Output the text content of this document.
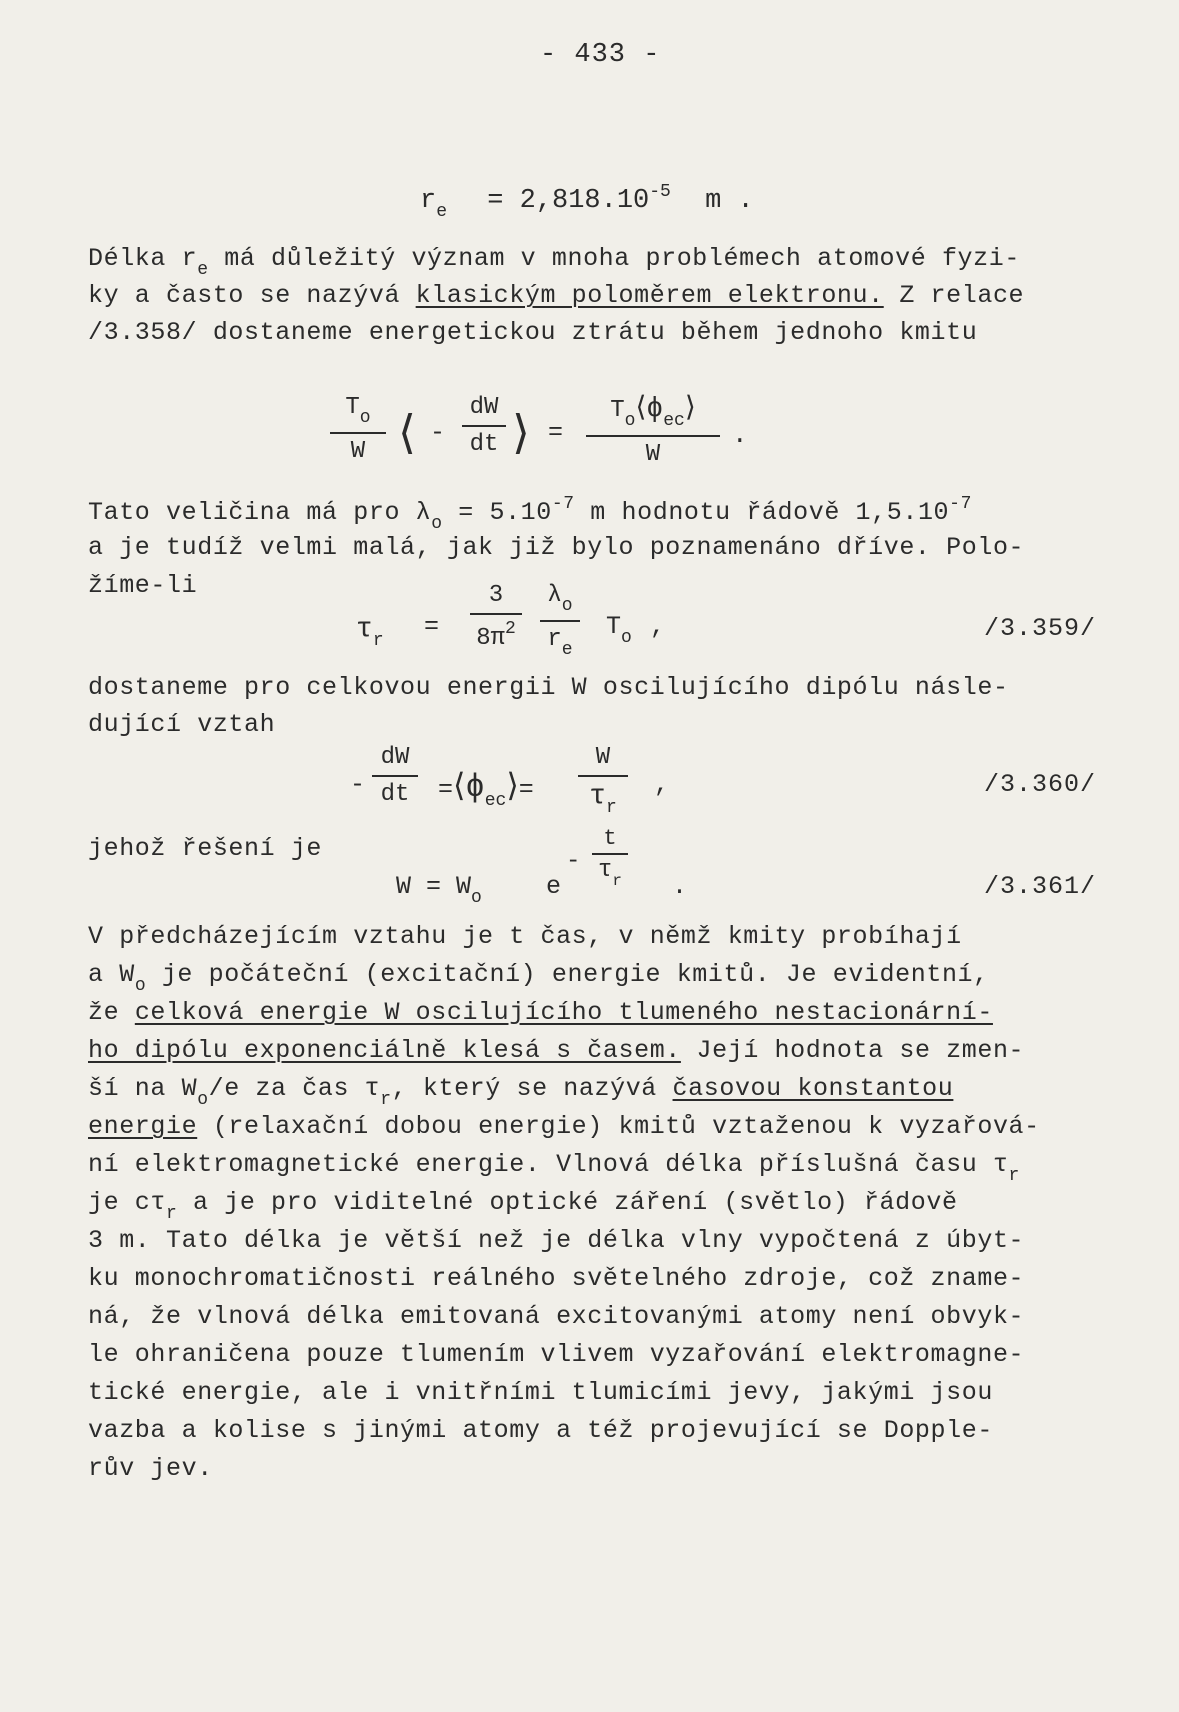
- 433 -
$r_e = 2,818.10^{-5}$ m .
Délka $r_e$ má důležitý význam v mnoha problémech atomové fyzi-
ky a často se nazývá klasickým poloměrem elektronu. Z relace
/3.358/ dostaneme energetickou ztrátu během jednoho kmitu
$T_o$
W ⟨ -
dW
dt ⟩ =
$T_o⟨\phi_{ec}⟩$
W
.
Tato veličina má pro $\lambda_o = 5.10^{-7}$ m hodnotu řádově $1,5.10^{-7}$
a je tudíž velmi malá, jak již bylo poznamenáno dříve. Polo-
žíme-li
$\tau_r$ =
3
$8\pi^2$
$\lambda_o$
$r_e$
$T_o$ ,	/3.359/
dostaneme pro celkovou energii W oscilujícího dipólu násle-
dující vztah
-
dW
dt $=⟨\phi_{ec}⟩=$
W
$\tau_r$
,	/3.360/
jehož řešení je
$W = W_o$	e
-
t
$\tau_r$ .	/3.361/
V předcházejícím vztahu je t čas, v němž kmity probíhají
a $W_o$ je počáteční (excitační) energie kmitů. Je evidentní,
že celková energie W oscilujícího tlumeného nestacionární-
ho dipólu exponenciálně klesá s časem. Její hodnota se zmen-
ší na $W_o/e$ za čas $\tau_r$, který se nazývá časovou konstantou
energie (relaxační dobou energie) kmitů vztaženou k vyzařová-
ní elektromagnetické energie. Vlnová délka příslušná času $\tau_r$
je $c\tau_r$ a je pro viditelné optické záření (světlo) řádově
3 m. Tato délka je větší než je délka vlny vypočtená z úbyt-
ku monochromatičnosti reálného světelného zdroje, což zname-
ná, že vlnová délka emitovaná excitovanými atomy není obvyk-
le ohraničena pouze tlumením vlivem vyzařování elektromagne-
tické energie, ale i vnitřními tlumicími jevy, jakými jsou
vazba a kolise s jinými atomy a též projevující se Dopple-
rův jev.
